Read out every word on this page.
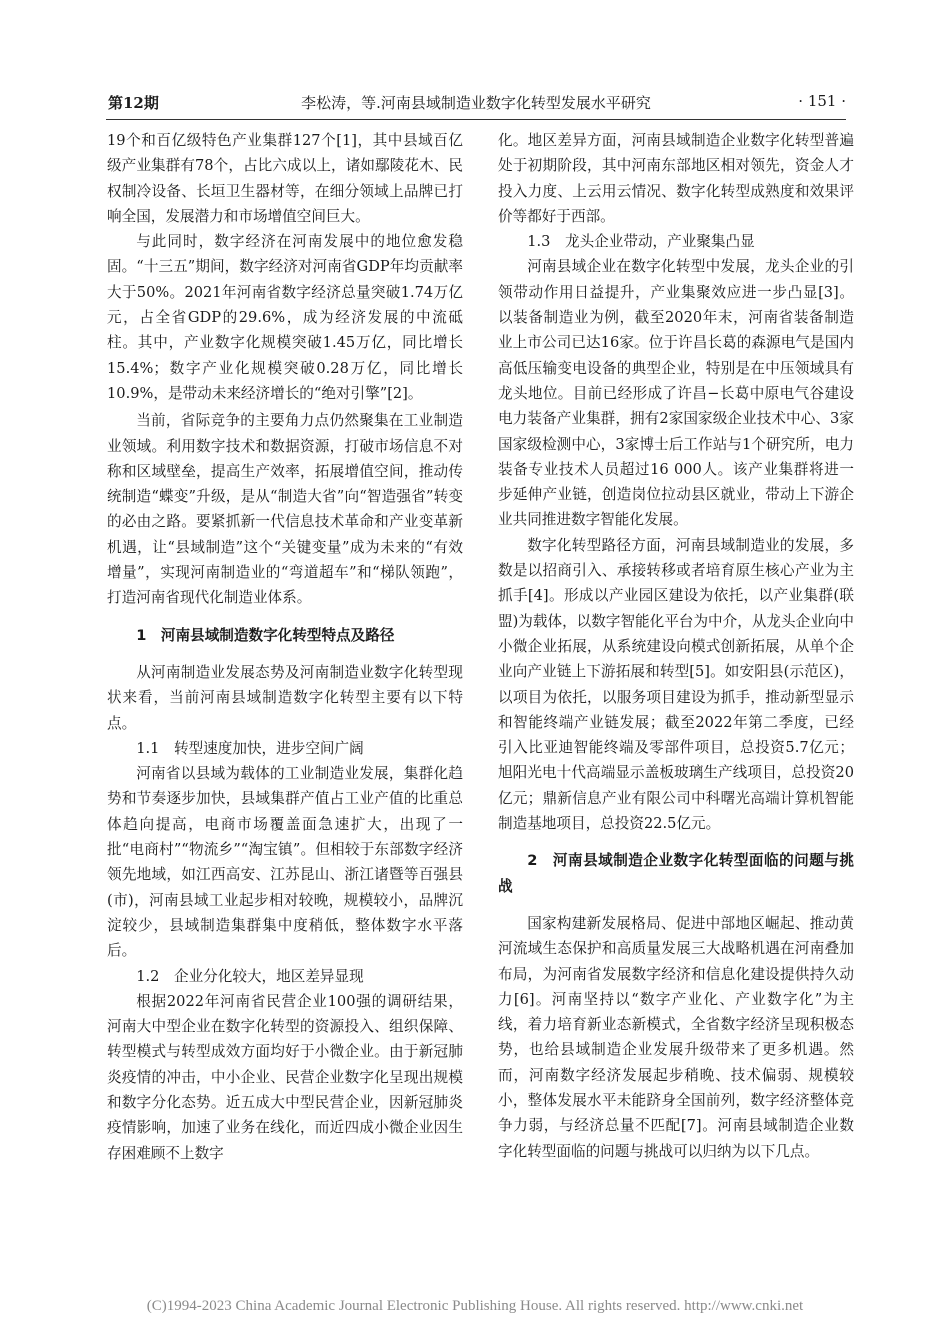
第12期	李松涛，等.河南县域制造业数字化转型发展水平研究	· 151 ·

19个和百亿级特色产业集群127个[1]，其中县域百亿级产业集群有78个，占比六成以上，诸如鄢陵花木、民权制冷设备、长垣卫生器材等，在细分领域上品牌已打响全国，发展潜力和市场增值空间巨大。

与此同时，数字经济在河南发展中的地位愈发稳固。“十三五”期间，数字经济对河南省GDP年均贡献率大于50%。2021年河南省数字经济总量突破1.74万亿元，占全省GDP的29.6%，成为经济发展的中流砥柱。其中，产业数字化规模突破1.45万亿，同比增长15.4%；数字产业化规模突破0.28万亿，同比增长10.9%，是带动未来经济增长的“绝对引擎”[2]。

当前，省际竞争的主要角力点仍然聚集在工业制造业领域。利用数字技术和数据资源，打破市场信息不对称和区域壁垒，提高生产效率，拓展增值空间，推动传统制造“蝶变”升级，是从“制造大省”向“智造强省”转变的必由之路。要紧抓新一代信息技术革命和产业变革新机遇，让“县域制造”这个“关键变量”成为未来的“有效增量”，实现河南制造业的“弯道超车”和“梯队领跑”，打造河南省现代化制造业体系。

1　河南县域制造数字化转型特点及路径

从河南制造业发展态势及河南制造业数字化转型现状来看，当前河南县域制造数字化转型主要有以下特点。

1.1　转型速度加快，进步空间广阔

河南省以县域为载体的工业制造业发展，集群化趋势和节奏逐步加快，县域集群产值占工业产值的比重总体趋向提高，电商市场覆盖面急速扩大，出现了一批“电商村”“物流乡”“淘宝镇”。但相较于东部数字经济领先地域，如江西高安、江苏昆山、浙江诸暨等百强县(市)，河南县域工业起步相对较晚，规模较小，品牌沉淀较少，县域制造集群集中度稍低，整体数字水平落后。

1.2　企业分化较大，地区差异显现

根据2022年河南省民营企业100强的调研结果，河南大中型企业在数字化转型的资源投入、组织保障、转型模式与转型成效方面均好于小微企业。由于新冠肺炎疫情的冲击，中小企业、民营企业数字化呈现出规模和数字分化态势。近五成大中型民营企业，因新冠肺炎疫情影响，加速了业务在线化，而近四成小微企业因生存困难顾不上数字

化。地区差异方面，河南县域制造企业数字化转型普遍处于初期阶段，其中河南东部地区相对领先，资金人才投入力度、上云用云情况、数字化转型成熟度和效果评价等都好于西部。

1.3　龙头企业带动，产业聚集凸显

河南县域企业在数字化转型中发展，龙头企业的引领带动作用日益提升，产业集聚效应进一步凸显[3]。以装备制造业为例，截至2020年末，河南省装备制造业上市公司已达16家。位于许昌长葛的森源电气是国内高低压输变电设备的典型企业，特别是在中压领域具有龙头地位。目前已经形成了许昌−长葛中原电气谷建设电力装备产业集群，拥有2家国家级企业技术中心、3家国家级检测中心，3家博士后工作站与1个研究所，电力装备专业技术人员超过16 000人。该产业集群将进一步延伸产业链，创造岗位拉动县区就业，带动上下游企业共同推进数字智能化发展。

数字化转型路径方面，河南县域制造业的发展，多数是以招商引入、承接转移或者培育原生核心产业为主抓手[4]。形成以产业园区建设为依托，以产业集群(联盟)为载体，以数字智能化平台为中介，从龙头企业向中小微企业拓展，从系统建设向模式创新拓展，从单个企业向产业链上下游拓展和转型[5]。如安阳县(示范区)，以项目为依托，以服务项目建设为抓手，推动新型显示和智能终端产业链发展；截至2022年第二季度，已经引入比亚迪智能终端及零部件项目，总投资5.7亿元；旭阳光电十代高端显示盖板玻璃生产线项目，总投资20亿元；鼎新信息产业有限公司中科曙光高端计算机智能制造基地项目，总投资22.5亿元。

2　河南县域制造企业数字化转型面临的问题与挑战

国家构建新发展格局、促进中部地区崛起、推动黄河流域生态保护和高质量发展三大战略机遇在河南叠加布局，为河南省发展数字经济和信息化建设提供持久动力[6]。河南坚持以“数字产业化、产业数字化”为主线，着力培育新业态新模式，全省数字经济呈现积极态势，也给县域制造企业发展升级带来了更多机遇。然而，河南数字经济发展起步稍晚、技术偏弱、规模较小，整体发展水平未能跻身全国前列，数字经济整体竞争力弱，与经济总量不匹配[7]。河南县域制造企业数字化转型面临的问题与挑战可以归纳为以下几点。

(C)1994-2023 China Academic Journal Electronic Publishing House. All rights reserved. http://www.cnki.net
